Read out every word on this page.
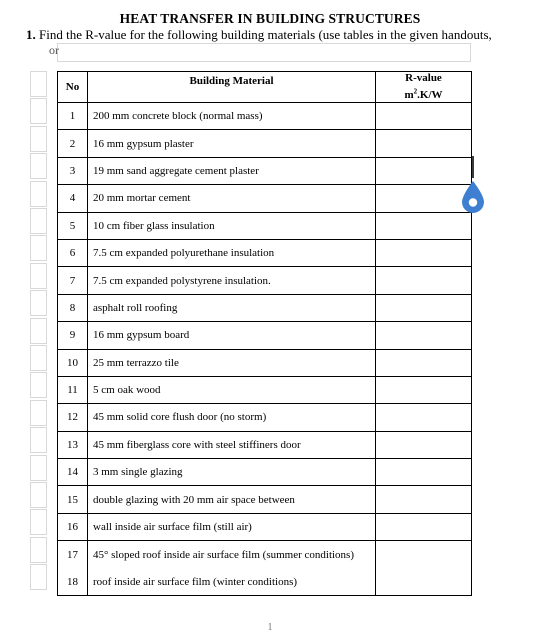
HEAT TRANSFER IN BUILDING STRUCTURES
1. Find the R-value for the following building materials (use tables in the given handouts,
or
No	Building Material	R-value
$m^2.K/W$
1	200 mm concrete block (normal mass)	
2	16 mm gypsum plaster	
3	19 mm sand aggregate cement plaster	
4	20 mm mortar cement	
5	10 cm fiber glass insulation	
6	7.5 cm expanded polyurethane insulation	
7	7.5 cm expanded polystyrene insulation.	
8	asphalt roll roofing	
9	16 mm gypsum board	
10	25 mm terrazzo tile	
11	5 cm oak wood	
12	45 mm solid core flush door (no storm)	
13	45 mm fiberglass core with steel stiffiners door	
14	3 mm single glazing	
15	double glazing with 20 mm air space between	
16	wall inside air surface film (still air)	
17	45° sloped roof inside air surface film (summer conditions)	
18	roof inside air surface film (winter conditions)	
1
